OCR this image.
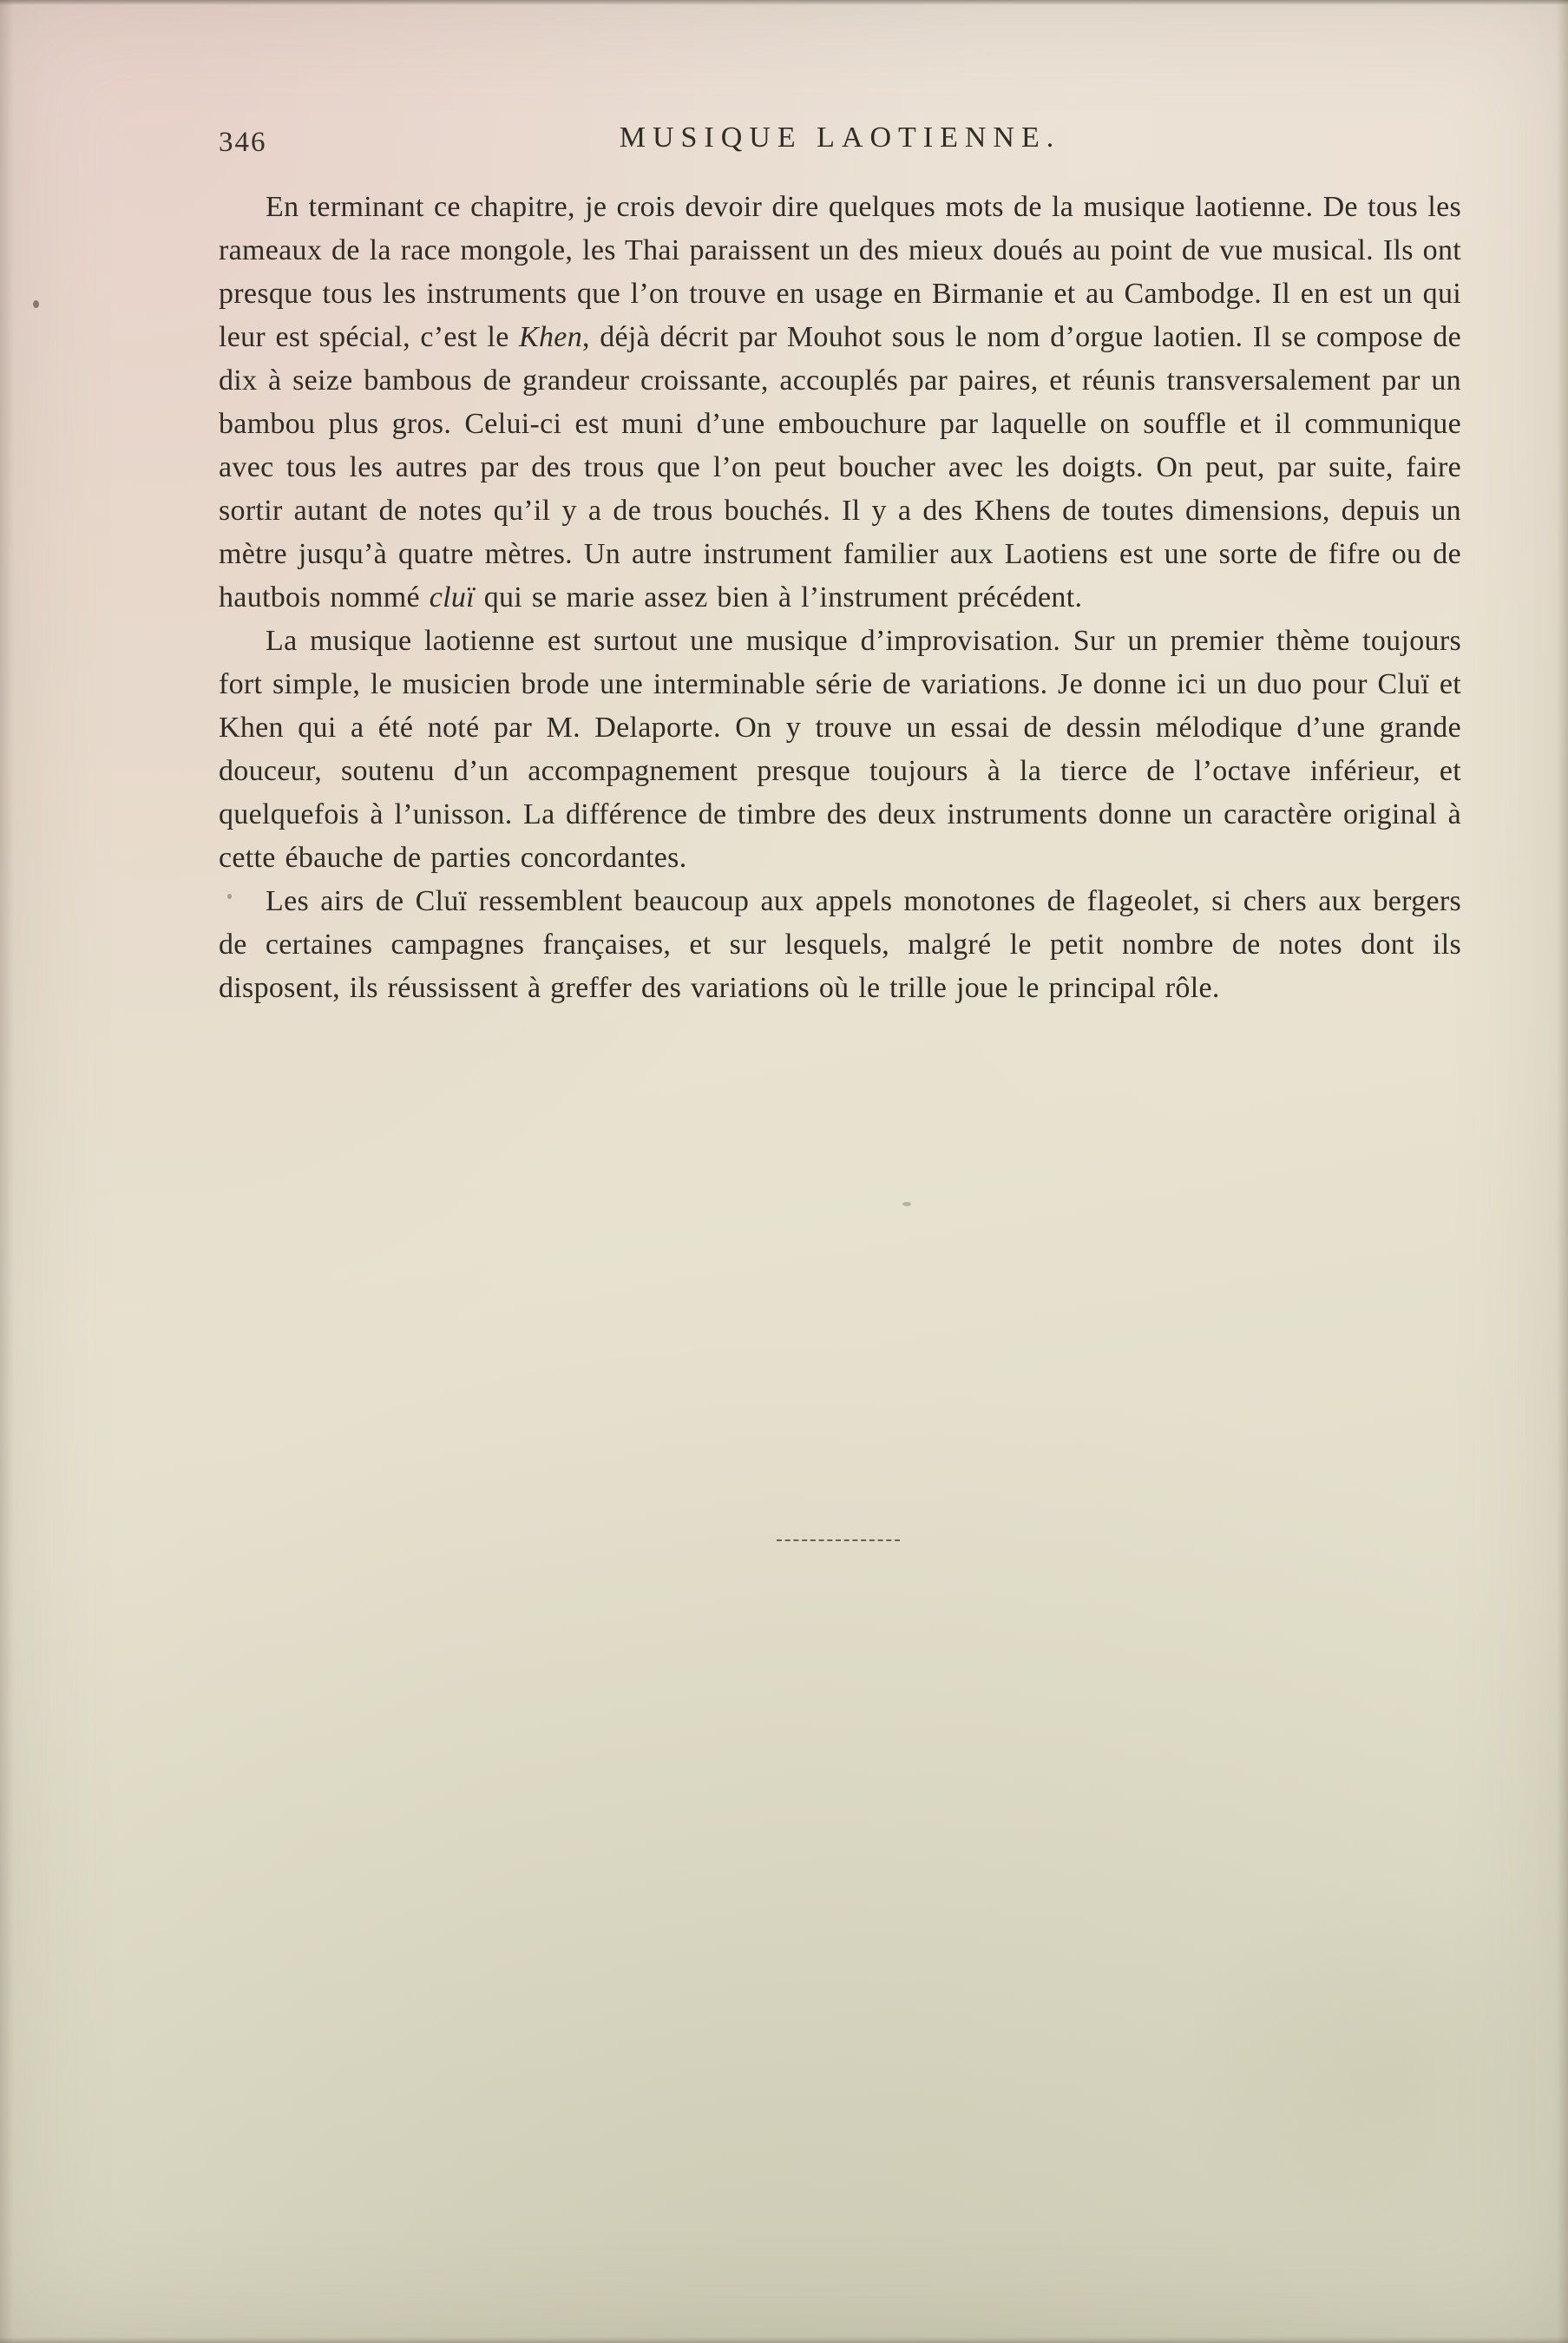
346	MUSIQUE LAOTIENNE.

En terminant ce chapitre, je crois devoir dire quelques mots de la musique laotienne. De tous les rameaux de la race mongole, les Thai paraissent un des mieux doués au point de vue musical. Ils ont presque tous les instruments que l’on trouve en usage en Birmanie et au Cambodge. Il en est un qui leur est spécial, c’est le Khen, déjà décrit par Mouhot sous le nom d’orgue laotien. Il se compose de dix à seize bambous de grandeur croissante, accouplés par paires, et réunis transversalement par un bambou plus gros. Celui-ci est muni d’une embouchure par laquelle on souffle et il communique avec tous les autres par des trous que l’on peut boucher avec les doigts. On peut, par suite, faire sortir autant de notes qu’il y a de trous bouchés. Il y a des Khens de toutes dimensions, depuis un mètre jusqu’à quatre mètres. Un autre instrument familier aux Laotiens est une sorte de fifre ou de hautbois nommé cluï qui se marie assez bien à l’instrument précédent.

La musique laotienne est surtout une musique d’improvisation. Sur un premier thème toujours fort simple, le musicien brode une interminable série de variations. Je donne ici un duo pour Cluï et Khen qui a été noté par M. Delaporte. On y trouve un essai de dessin mélodique d’une grande douceur, soutenu d’un accompagnement presque toujours à la tierce de l’octave inférieur, et quelquefois à l’unisson. La différence de timbre des deux instruments donne un caractère original à cette ébauche de parties concordantes.

Les airs de Cluï ressemblent beaucoup aux appels monotones de flageolet, si chers aux bergers de certaines campagnes françaises, et sur lesquels, malgré le petit nombre de notes dont ils disposent, ils réussissent à greffer des variations où le trille joue le principal rôle.
